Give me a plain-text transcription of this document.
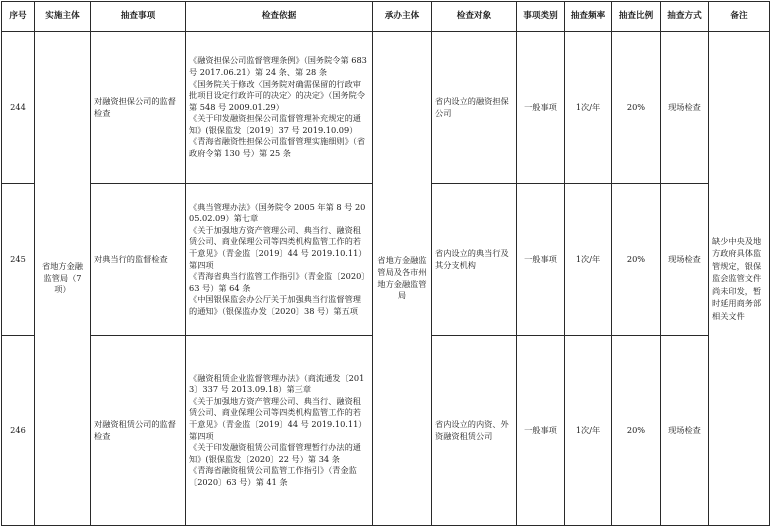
序号	实施主体	抽查事项	检查依据	承办主体	检查对象	事项类别	抽查频率	抽查比例	抽查方式	备注
244	省地方金融监管局（7项）	对融资担保公司的监督检查	《融资担保公司监督管理条例》（国务院令第 683 号 2017.06.21）第 24 条、第 28 条
《国务院关于修改〈国务院对确需保留的行政审批项目设定行政许可的决定〉的决定》（国务院令第 548 号 2009.01.29）
《关于印发融资担保公司监督管理补充规定的通知》(银保监发〔2019〕37 号 2019.10.09）
《青海省融资性担保公司监督管理实施细则》（省政府令第 130 号）第 25 条	省地方金融监管局及各市州地方金融监管局	省内设立的融资担保公司	一般事项	1次/年	20%	现场检查	缺少中央及地方政府具体监管规定，银保监会监管文件尚未印发，暂时延用商务部相关文件
245		对典当行的监督检查	《典当管理办法》（国务院令 2005 年第 8 号 2005.02.09）第七章
《关于加强地方资产管理公司、典当行、融资租赁公司、商业保理公司等四类机构监管工作的若干意见》（青金监〔2019〕44 号 2019.10.11）第四项
《青海省典当行监管工作指引》（青金监〔2020〕63 号）第 64 条
《中国银保监会办公厅关于加强典当行监督管理的通知》（银保监办发〔2020〕38 号）第五项		省内设立的典当行及其分支机构	一般事项	1次/年	20%	现场检查	
246		对融资租赁公司的监督检查	《融资租赁企业监督管理办法》（商流通发〔2013〕337 号 2013.09.18）第三章
《关于加强地方资产管理公司、典当行、融资租赁公司、商业保理公司等四类机构监管工作的若干意见》（青金监〔2019〕44 号 2019.10.11）第四项
《关于印发融资租赁公司监督管理暂行办法的通知》(银保监发〔2020〕22 号）第 34 条
《青海省融资租赁公司监管工作指引》（青金监〔2020〕63 号）第 41 条		省内设立的内资、外资融资租赁公司	一般事项	1次/年	20%	现场检查	
